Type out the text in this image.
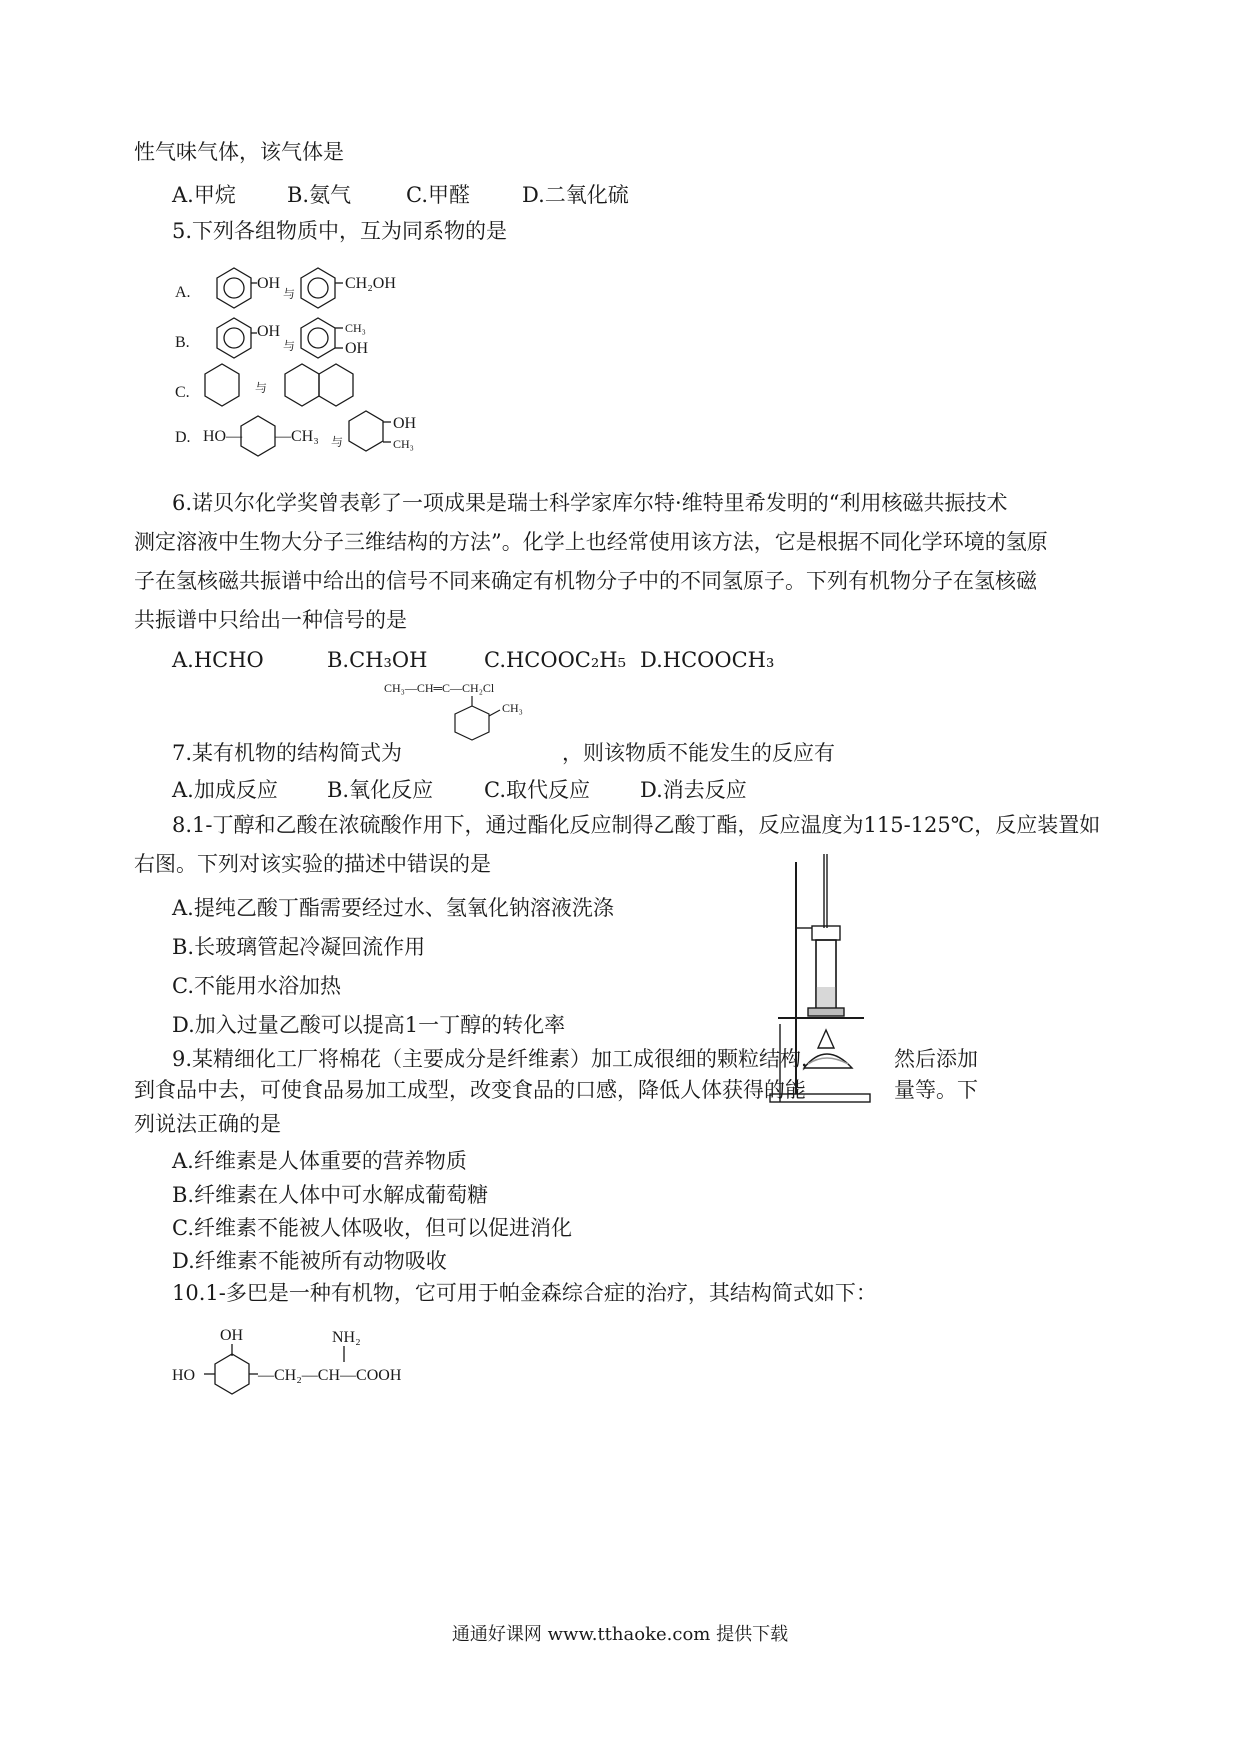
性气味气体，该气体是
A.甲烷 B.氨气	C.甲醛 D.二氧化硫
5.下列各组物质中，互为同系物的是
A.
OH
与
CH₂OH
B.
OH
与
CH₃
OH
C.	与
D. HO— —CH₃ 与
OH
CH₃
6.诺贝尔化学奖曾表彰了一项成果是瑞士科学家库尔特·维特里希发明的“利用核磁共振技术
测定溶液中生物大分子三维结构的方法”。化学上也经常使用该方法，它是根据不同化学环境的氢原
子在氢核磁共振谱中给出的信号不同来确定有机物分子中的不同氢原子。下列有机物分子在氢核磁
共振谱中只给出一种信号的是
A.HCHO	B.CH₃OH	C.HCOOC₂H₅ D.HCOOCH₃
CH₃—CH═C—CH₂Cl
CH₃
7.某有机物的结构简式为	，则该物质不能发生的反应有
A.加成反应 B.氧化反应 C.取代反应 D.消去反应
8.1-丁醇和乙酸在浓硫酸作用下，通过酯化反应制得乙酸丁酯，反应温度为115-125℃，反应装置如
右图。下列对该实验的描述中错误的是
A.提纯乙酸丁酯需要经过水、氢氧化钠溶液洗涤
B.长玻璃管起冷凝回流作用
C.不能用水浴加热
D.加入过量乙酸可以提高1一丁醇的转化率
9.某精细化工厂将棉花（主要成分是纤维素）加工成很细的颗粒结构，	然后添加
到食品中去，可使食品易加工成型，改变食品的口感，降低人体获得的能	量等。下
列说法正确的是
A.纤维素是人体重要的营养物质
B.纤维素在人体中可水解成葡萄糖
C.纤维素不能被人体吸收，但可以促进消化
D.纤维素不能被所有动物吸收
10.1-多巴是一种有机物，它可用于帕金森综合症的治疗，其结构简式如下：
OH
HO	—CH₂—CH—COOH
NH₂
通通好课网 www.tthaoke.com 提供下载
